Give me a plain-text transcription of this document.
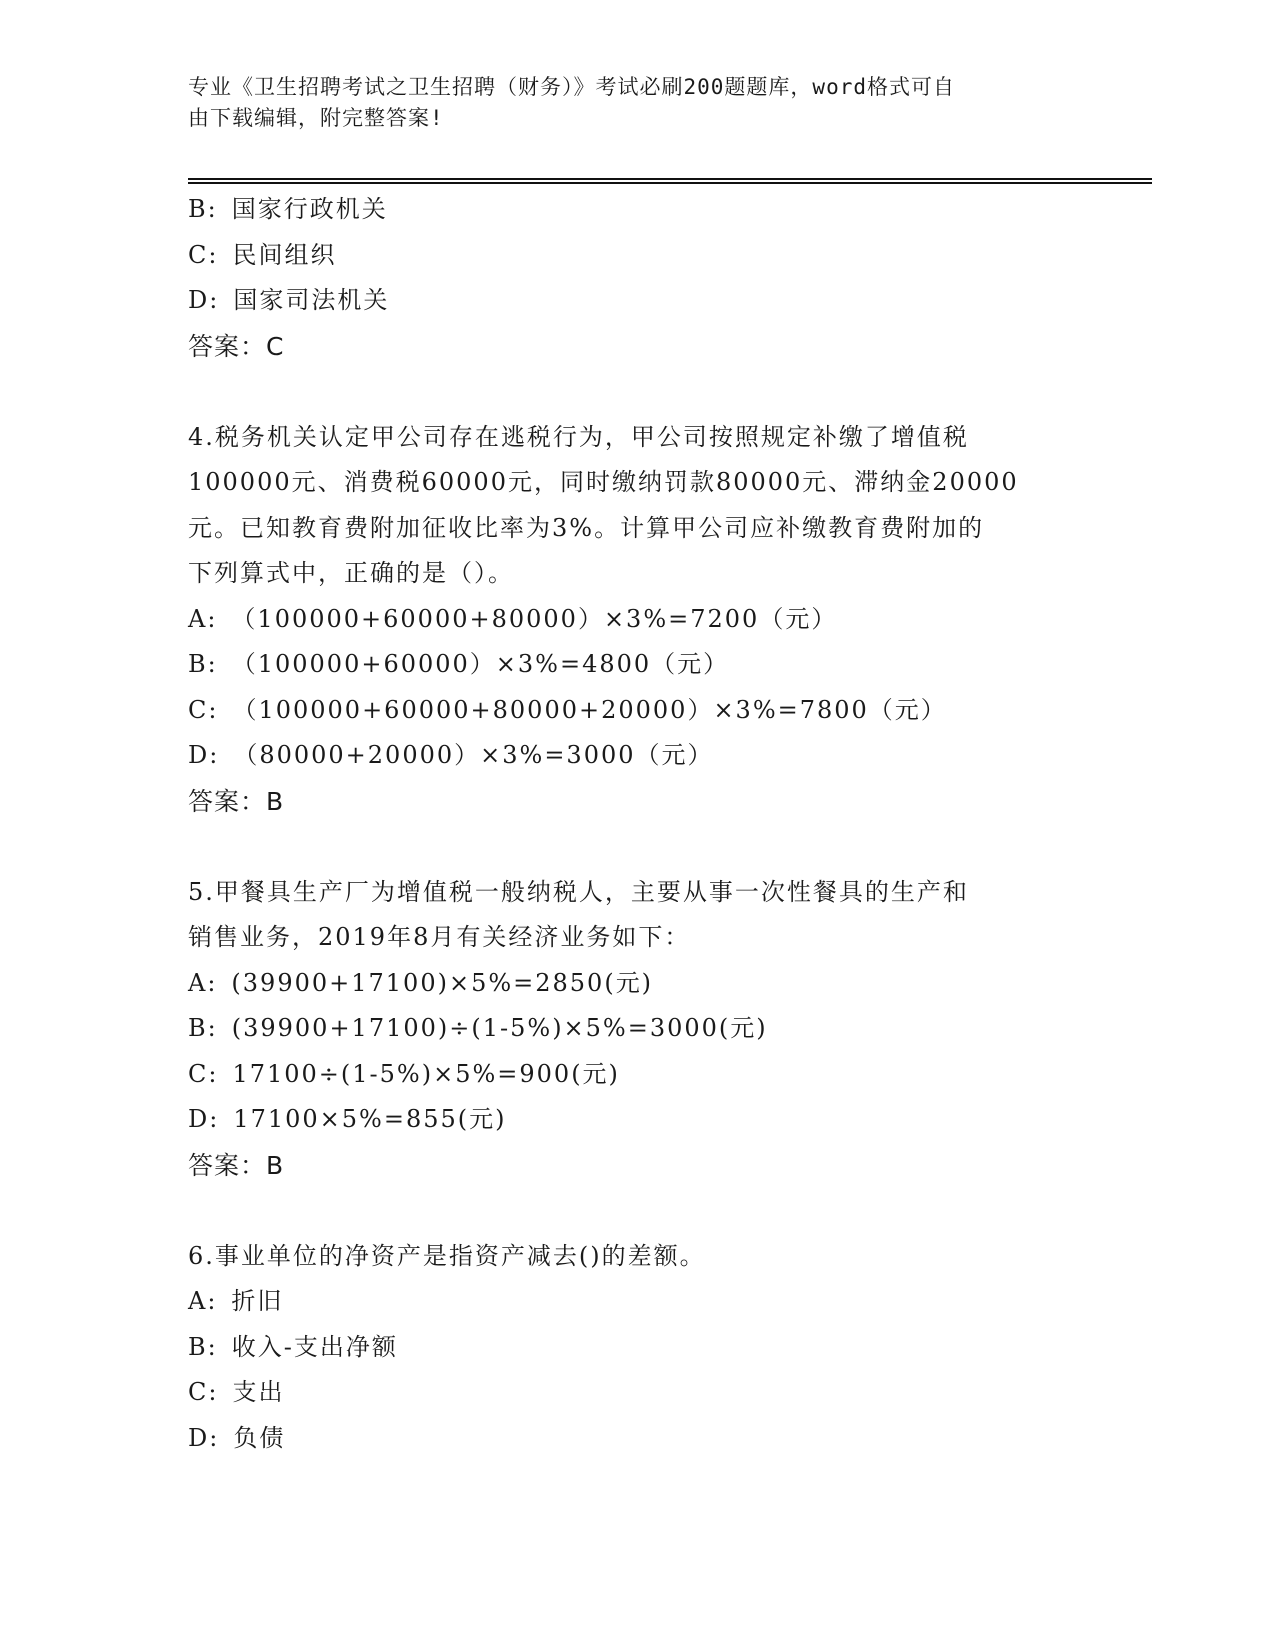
专业《卫生招聘考试之卫生招聘（财务）》考试必刷200题题库，word格式可自
由下载编辑，附完整答案!
B: 国家行政机关
C: 民间组织
D: 国家司法机关
答案：C
4.税务机关认定甲公司存在逃税行为，甲公司按照规定补缴了增值税
100000元、消费税60000元，同时缴纳罚款80000元、滞纳金20000
元。已知教育费附加征收比率为3%。计算甲公司应补缴教育费附加的
下列算式中，正确的是（）。
A: （100000+60000+80000）×3%=7200（元）
B: （100000+60000）×3%=4800（元）
C: （100000+60000+80000+20000）×3%=7800（元）
D: （80000+20000）×3%=3000（元）
答案：B
5.甲餐具生产厂为增值税一般纳税人，主要从事一次性餐具的生产和
销售业务，2019年8月有关经济业务如下：
A: (39900+17100)×5%=2850(元)
B: (39900+17100)÷(1-5%)×5%=3000(元)
C: 17100÷(1-5%)×5%=900(元)
D: 17100×5%=855(元)
答案：B
6.事业单位的净资产是指资产减去()的差额。
A: 折旧
B: 收入-支出净额
C: 支出
D: 负债
